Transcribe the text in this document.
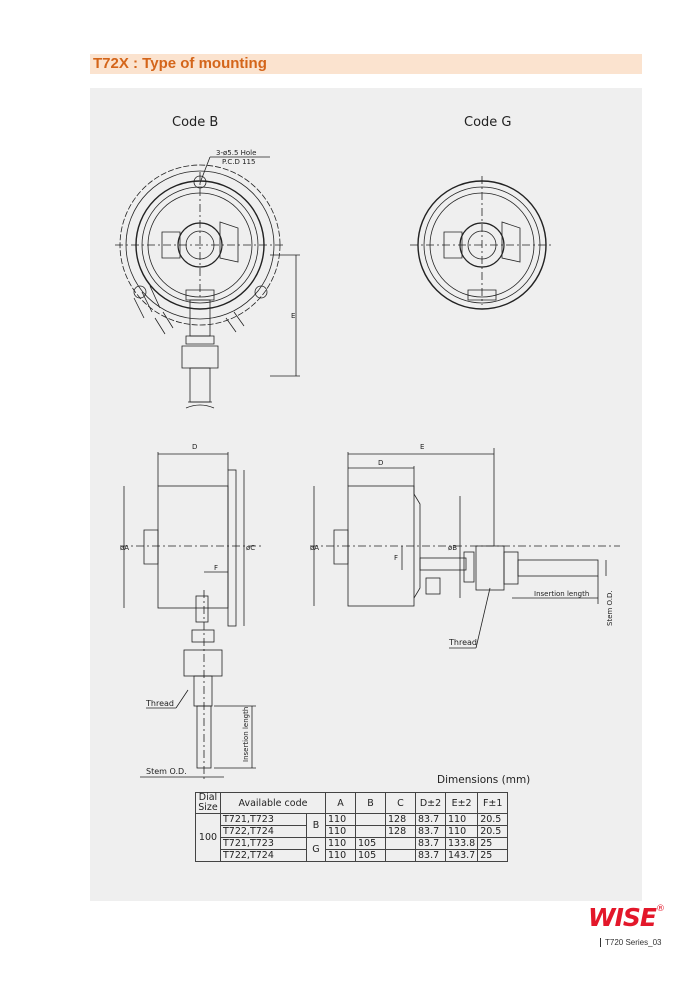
T72X : Type of mounting
Code B
3-ø5.5 Hole
P.C.D 115
E
Code G
D
øA	øC
F
Thread
Insertion length
Stem O.D.
E
D
øA	øB
F
Insertion length Stem O.D.
Thread
Dimensions (mm)
Dial
Size	Available code		A	B	C	D±2	E±2	F±1
100	T721,T723	B	110		128	83.7	110	20.5
	T722,T724		110		128	83.7	110	20.5
	T721,T723	G	110	105		83.7	133.8	25
	T722,T724		110	105		83.7	143.7	25
WISE ®
T720 Series_03
